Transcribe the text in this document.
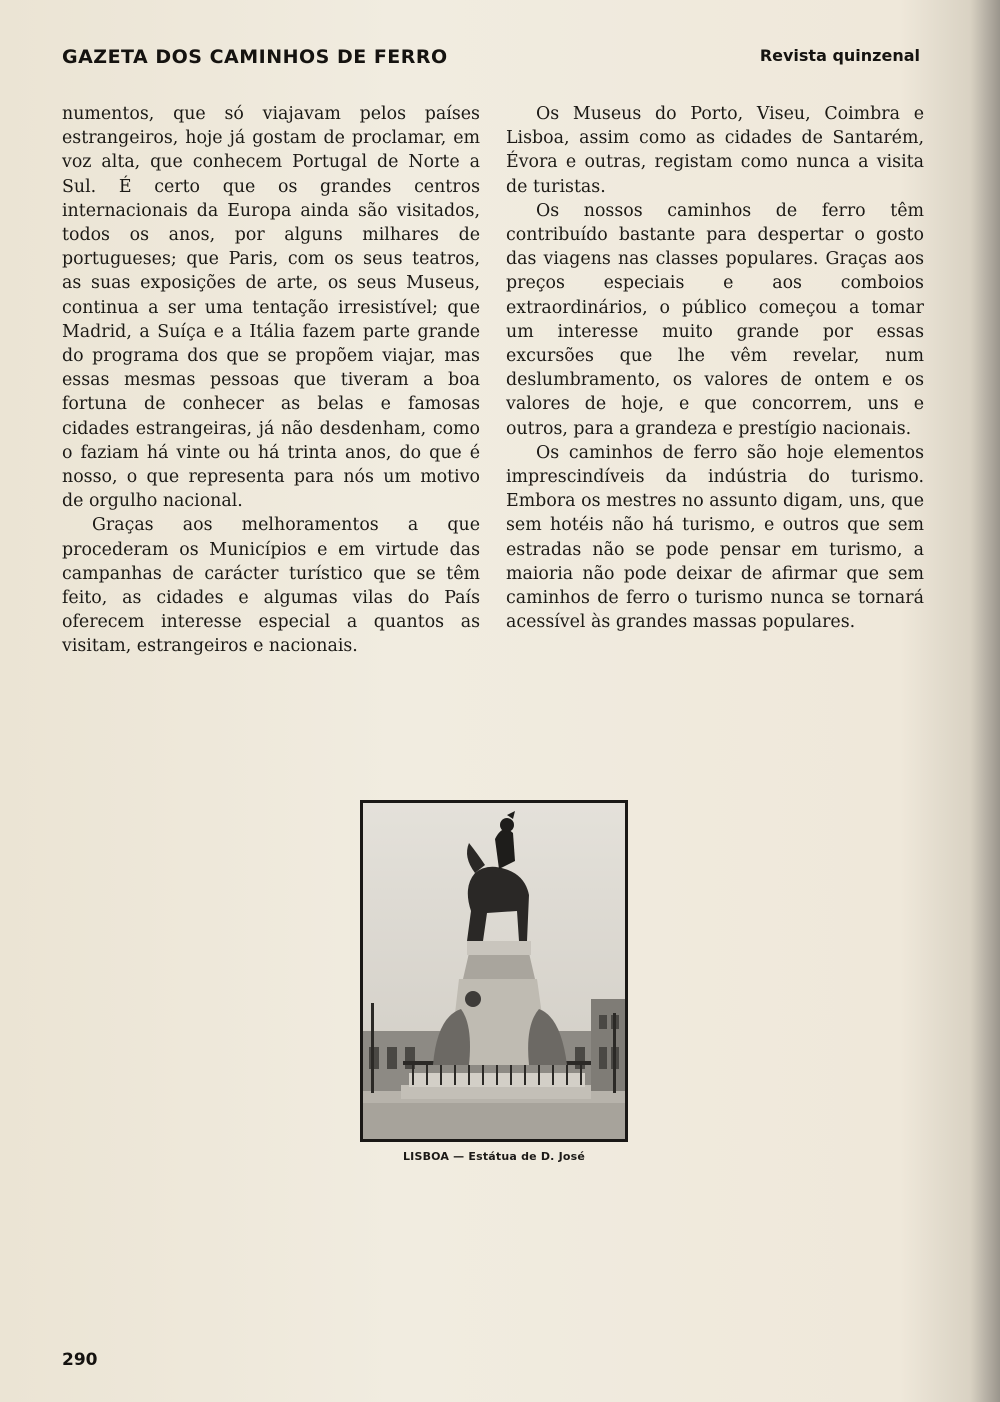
GAZETA DOS CAMINHOS DE FERRO	Revista quinzenal

numentos, que só viajavam pelos países estrangeiros, hoje já gostam de proclamar, em voz alta, que conhecem Portugal de Norte a Sul. É certo que os grandes centros internacionais da Europa ainda são visitados, todos os anos, por alguns milhares de portugueses; que Paris, com os seus teatros, as suas exposições de arte, os seus Museus, continua a ser uma tentação irresistível; que Madrid, a Suíça e a Itália fazem parte grande do programa dos que se propõem viajar, mas essas mesmas pessoas que tiveram a boa fortuna de conhecer as belas e famosas cidades estrangeiras, já não desdenham, como o faziam há vinte ou há trinta anos, do que é nosso, o que representa para nós um motivo de orgulho nacional.

Graças aos melhoramentos a que procederam os Municípios e em virtude das campanhas de carácter turístico que se têm feito, as cidades e algumas vilas do País oferecem interesse especial a quantos as visitam, estrangeiros e nacionais.

Os Museus do Porto, Viseu, Coimbra e Lisboa, assim como as cidades de Santarém, Évora e outras, registam como nunca a visita de turistas.

Os nossos caminhos de ferro têm contribuído bastante para despertar o gosto das viagens nas classes populares. Graças aos preços especiais e aos comboios extraordinários, o público começou a tomar um interesse muito grande por essas excursões que lhe vêm revelar, num deslumbramento, os valores de ontem e os valores de hoje, e que concorrem, uns e outros, para a grandeza e prestígio nacionais.

Os caminhos de ferro são hoje elementos imprescindíveis da indústria do turismo. Embora os mestres no assunto digam, uns, que sem hotéis não há turismo, e outros que sem estradas não se pode pensar em turismo, a maioria não pode deixar de afirmar que sem caminhos de ferro o turismo nunca se tornará acessível às grandes massas populares.

LISBOA — Estátua de D. José
290
